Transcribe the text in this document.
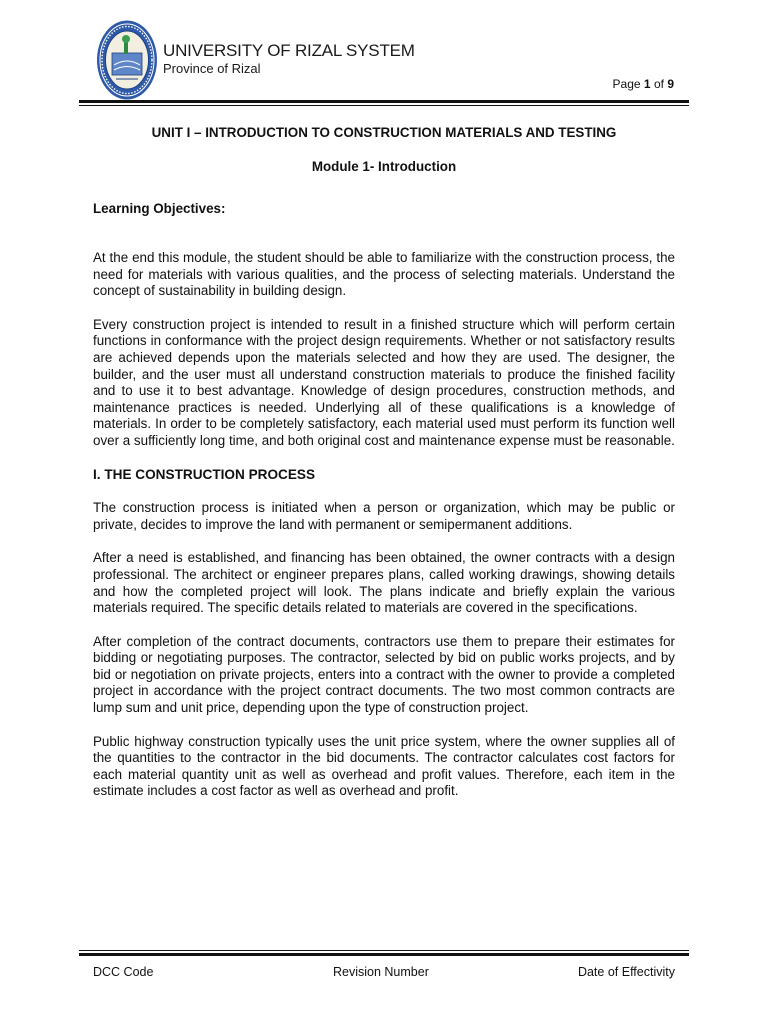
UNIVERSITY OF RIZAL SYSTEM
Province of Rizal
Page 1 of 9
UNIT I – INTRODUCTION TO CONSTRUCTION MATERIALS AND TESTING
Module 1- Introduction
Learning Objectives:

At the end this module, the student should be able to familiarize with the construction process, the need for materials with various qualities, and the process of selecting materials. Understand the concept of sustainability in building design.

Every construction project is intended to result in a finished structure which will perform certain functions in conformance with the project design requirements. Whether or not satisfactory results are achieved depends upon the materials selected and how they are used. The designer, the builder, and the user must all understand construction materials to produce the finished facility and to use it to best advantage. Knowledge of design procedures, construction methods, and maintenance practices is needed. Underlying all of these qualifications is a knowledge of materials. In order to be completely satisfactory, each material used must perform its function well over a sufficiently long time, and both original cost and maintenance expense must be reasonable.

I. THE CONSTRUCTION PROCESS

The construction process is initiated when a person or organization, which may be public or private, decides to improve the land with permanent or semipermanent additions.

After a need is established, and financing has been obtained, the owner contracts with a design professional. The architect or engineer prepares plans, called working drawings, showing details and how the completed project will look. The plans indicate and briefly explain the various materials required. The specific details related to materials are covered in the specifications.

After completion of the contract documents, contractors use them to prepare their estimates for bidding or negotiating purposes. The contractor, selected by bid on public works projects, and by bid or negotiation on private projects, enters into a contract with the owner to provide a completed project in accordance with the project contract documents. The two most common contracts are lump sum and unit price, depending upon the type of construction project.

Public highway construction typically uses the unit price system, where the owner supplies all of the quantities to the contractor in the bid documents. The contractor calculates cost factors for each material quantity unit as well as overhead and profit values. Therefore, each item in the estimate includes a cost factor as well as overhead and profit.

DCC Code	Revision Number	Date of Effectivity
